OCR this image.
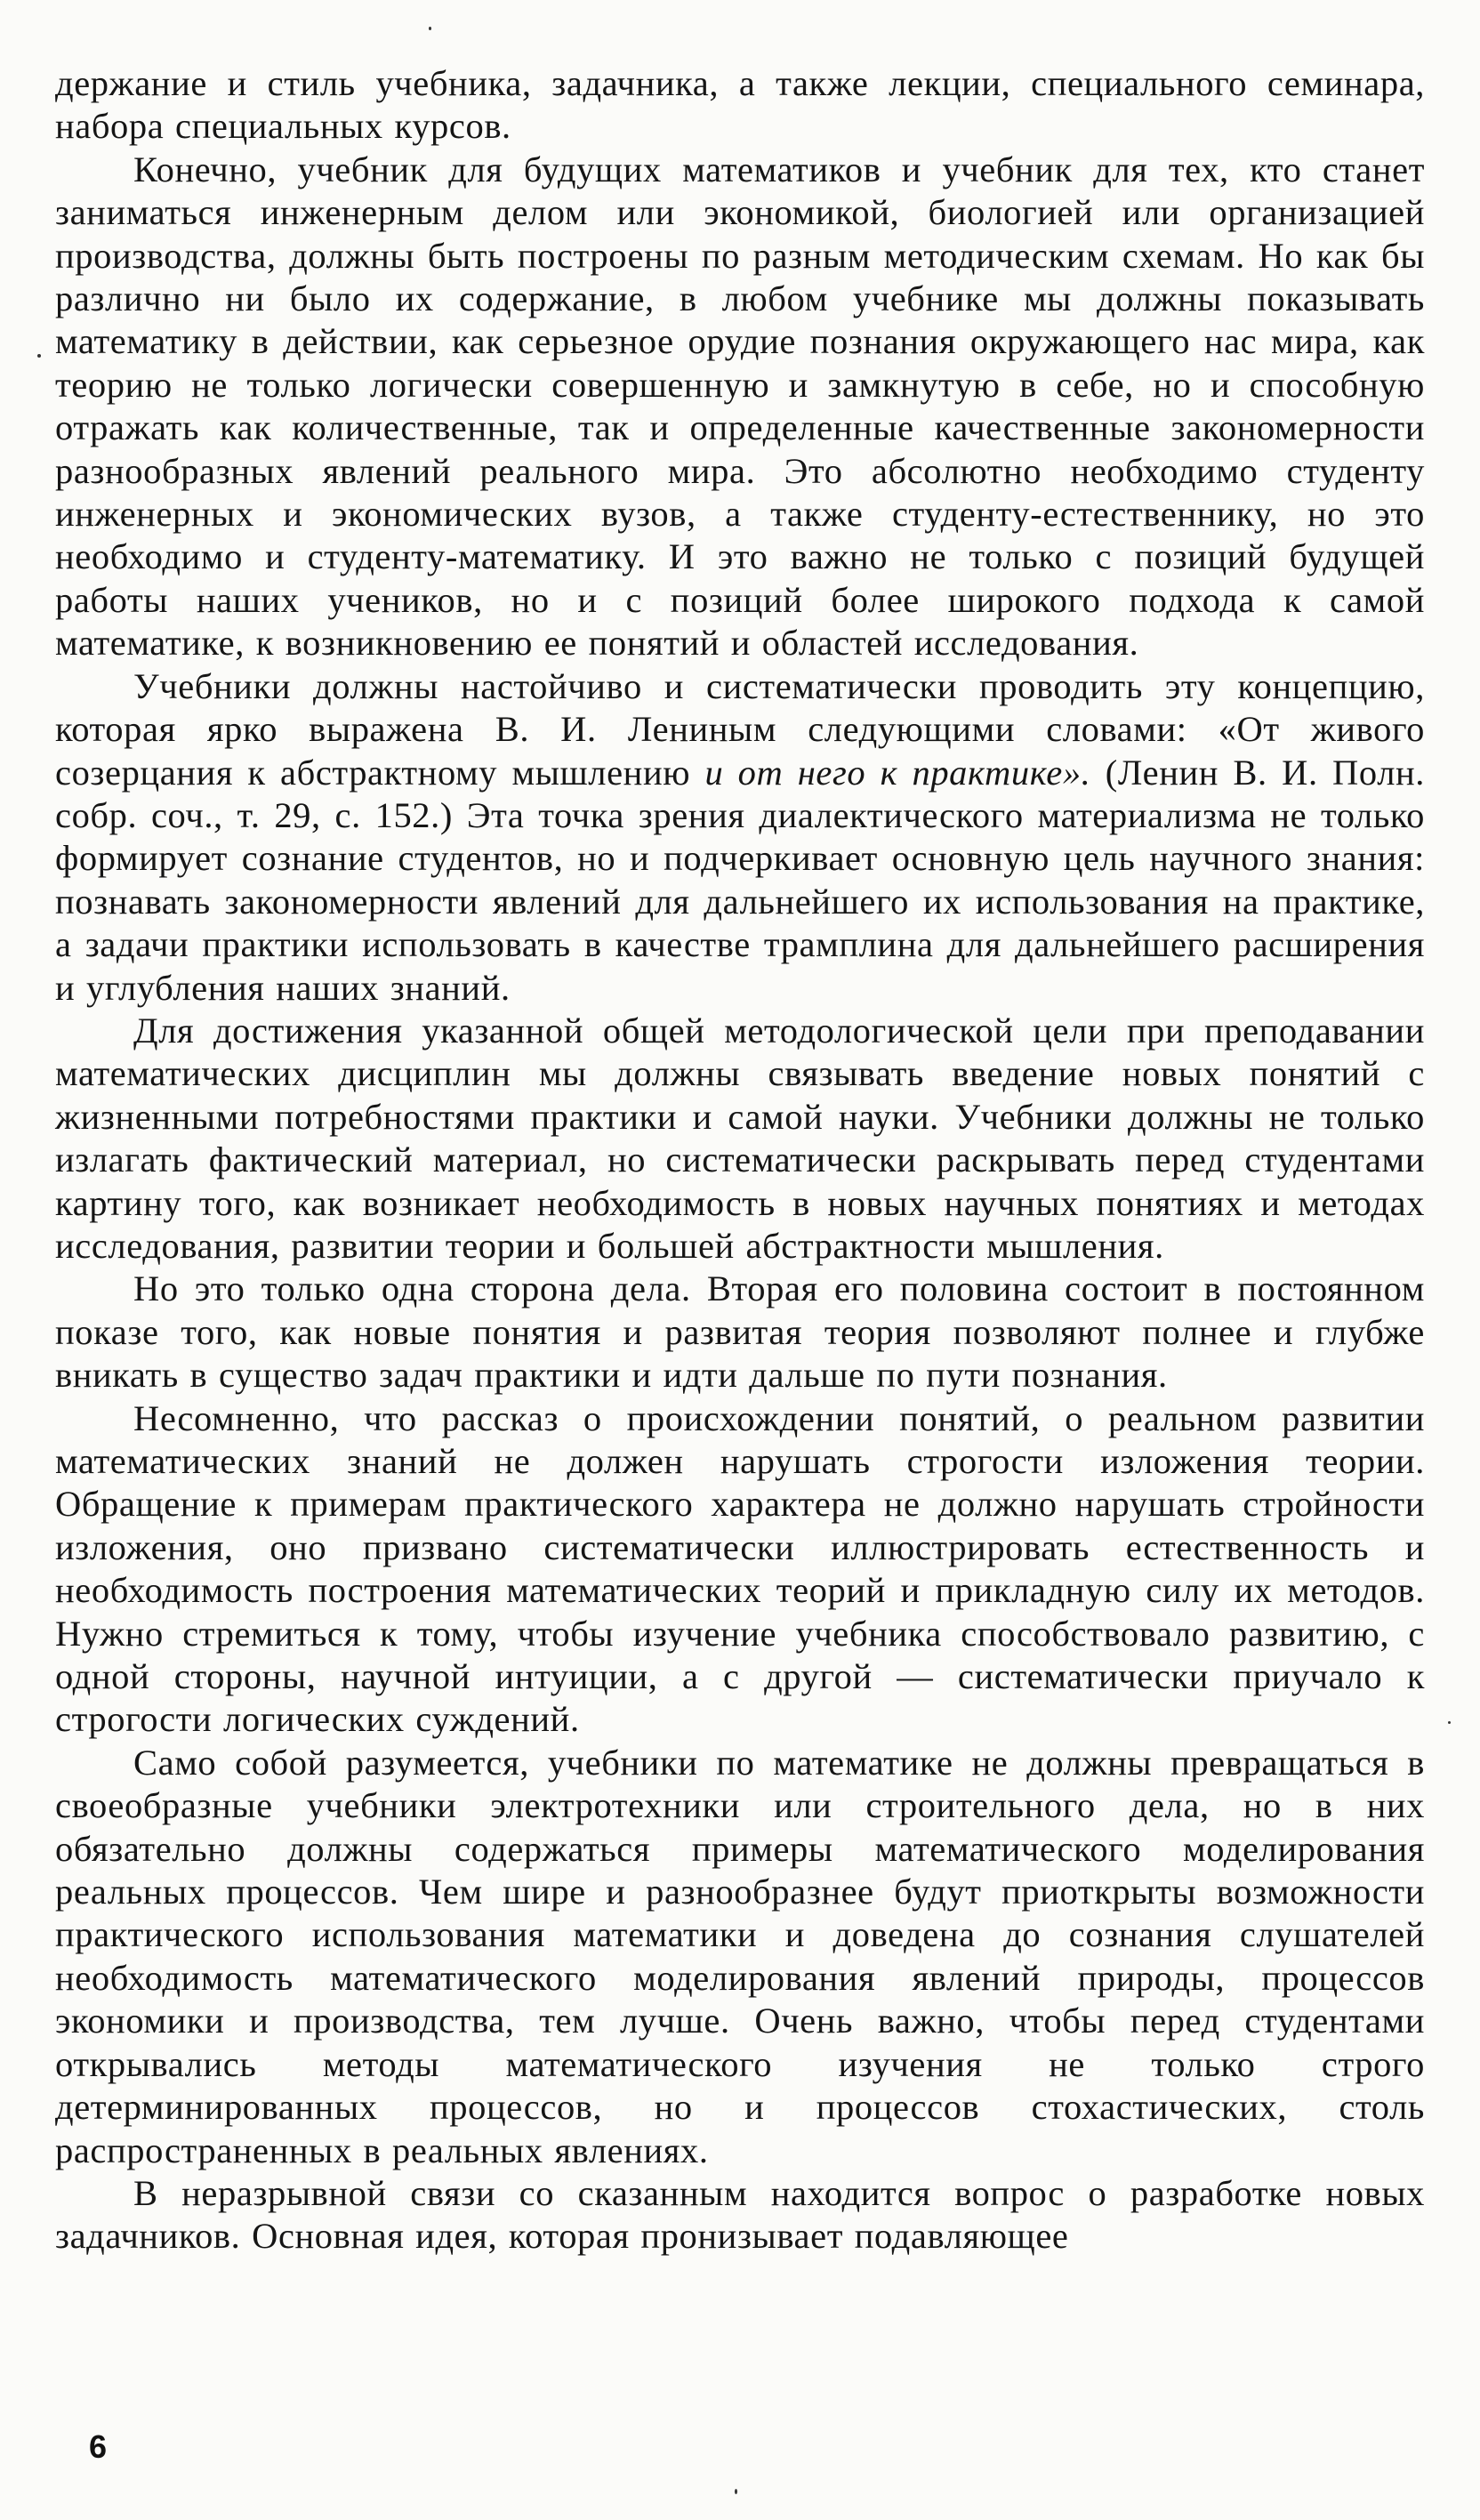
держание и стиль учебника, задачника, а также лекции, специального семинара, набора специальных курсов.

Конечно, учебник для будущих математиков и учебник для тех, кто станет заниматься инженерным делом или экономикой, биологией или организацией производства, должны быть построены по разным методическим схемам. Но как бы различно ни было их содержание, в любом учебнике мы должны показывать математику в действии, как серьезное орудие познания окружающего нас мира, как теорию не только логически совершенную и замкнутую в себе, но и способную отражать как количественные, так и определенные качественные закономерности разнообразных явлений реального мира. Это абсолютно необходимо студенту инженерных и экономических вузов, а также студенту-естественнику, но это необходимо и студенту-математику. И это важно не только с позиций будущей работы наших учеников, но и с позиций более широкого подхода к самой математике, к возникновению ее понятий и областей исследования.

Учебники должны настойчиво и систематически проводить эту концепцию, которая ярко выражена В. И. Лениным следующими словами: «От живого созерцания к абстрактному мышлению и от него к практике». (Ленин В. И. Полн. собр. соч., т. 29, с. 152.) Эта точка зрения диалектического материализма не только формирует сознание студентов, но и подчеркивает основную цель научного знания: познавать закономерности явлений для дальнейшего их использования на практике, а задачи практики использовать в качестве трамплина для дальнейшего расширения и углубления наших знаний.

Для достижения указанной общей методологической цели при преподавании математических дисциплин мы должны связывать введение новых понятий с жизненными потребностями практики и самой науки. Учебники должны не только излагать фактический материал, но систематически раскрывать перед студентами картину того, как возникает необходимость в новых научных понятиях и методах исследования, развитии теории и большей абстрактности мышления.

Но это только одна сторона дела. Вторая его половина состоит в постоянном показе того, как новые понятия и развитая теория позволяют полнее и глубже вникать в существо задач практики и идти дальше по пути познания.

Несомненно, что рассказ о происхождении понятий, о реальном развитии математических знаний не должен нарушать строгости изложения теории. Обращение к примерам практического характера не должно нарушать стройности изложения, оно призвано систематически иллюстрировать естественность и необходимость построения математических теорий и прикладную силу их методов. Нужно стремиться к тому, чтобы изучение учебника способствовало развитию, с одной стороны, научной интуиции, а с другой — систематически приучало к строгости логических суждений.

Само собой разумеется, учебники по математике не должны превращаться в своеобразные учебники электротехники или строительного дела, но в них обязательно должны содержаться примеры математического моделирования реальных процессов. Чем шире и разнообразнее будут приоткрыты возможности практического использования математики и доведена до сознания слушателей необходимость математического моделирования явлений природы, процессов экономики и производства, тем лучше. Очень важно, чтобы перед студентами открывались методы математического изучения не только строго детерминированных процессов, но и процессов стохастических, столь распространенных в реальных явлениях.

В неразрывной связи со сказанным находится вопрос о разработке новых задачников. Основная идея, которая пронизывает подавляющее

6
